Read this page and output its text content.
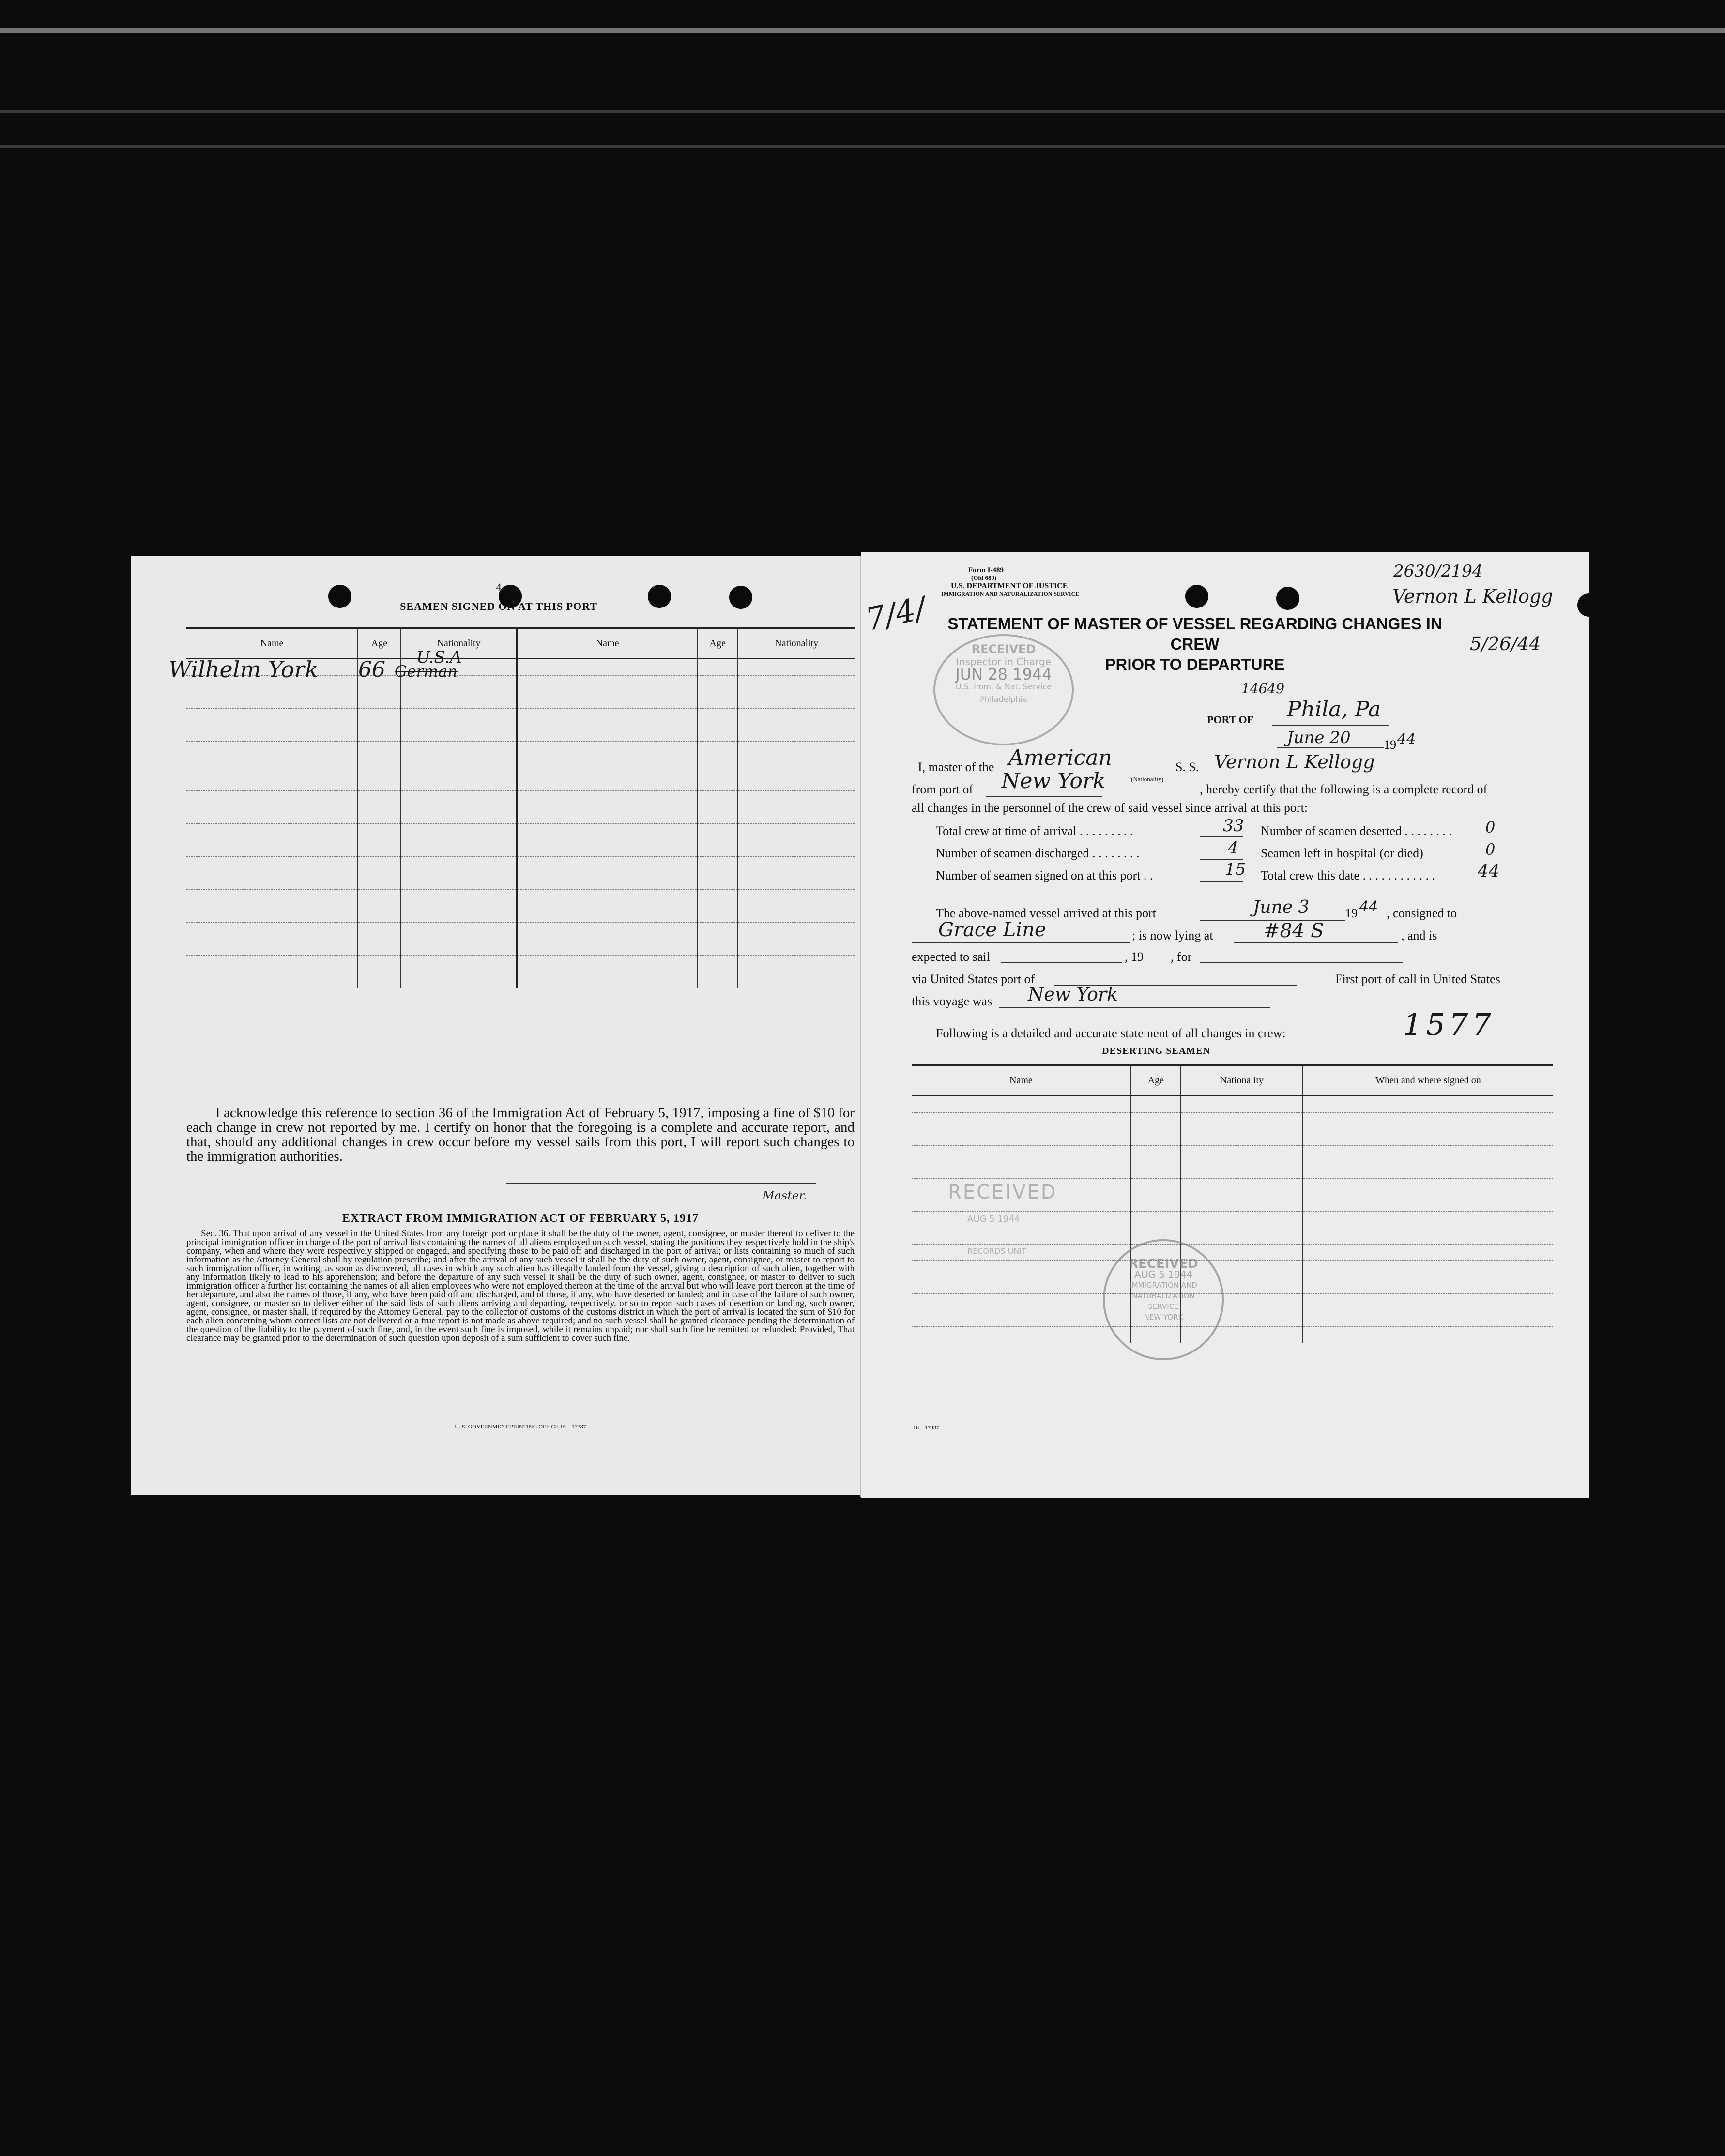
4
SEAMEN SIGNED ON AT THIS PORT
Name	Age	Nationality	Name	Age	Nationality

Wilhelm York 66 German
U.S.A
I acknowledge this reference to section 36 of the Immigration Act of February 5, 1917, imposing a fine of $10 for each change in crew not reported by me. I certify on honor that the foregoing is a complete and accurate report, and that, should any additional changes in crew occur before my vessel sails from this port, I will report such changes to the immigration authorities.
Master.
EXTRACT FROM IMMIGRATION ACT OF FEBRUARY 5, 1917
Sec. 36. That upon arrival of any vessel in the United States from any foreign port or place it shall be the duty of the owner, agent, consignee, or master thereof to deliver to the principal immigration officer in charge of the port of arrival lists containing the names of all aliens employed on such vessel, stating the positions they respectively hold in the ship's company, when and where they were respectively shipped or engaged, and specifying those to be paid off and discharged in the port of arrival; or lists containing so much of such information as the Attorney General shall by regulation prescribe; and after the arrival of any such vessel it shall be the duty of such owner, agent, consignee, or master to report to such immigration officer, in writing, as soon as discovered, all cases in which any such alien has illegally landed from the vessel, giving a description of such alien, together with any information likely to lead to his apprehension; and before the departure of any such vessel it shall be the duty of such owner, agent, consignee, or master to deliver to such immigration officer a further list containing the names of all alien employees who were not employed thereon at the time of the arrival but who will leave port thereon at the time of her departure, and also the names of those, if any, who have been paid off and discharged, and of those, if any, who have deserted or landed; and in case of the failure of such owner, agent, consignee, or master so to deliver either of the said lists of such aliens arriving and departing, respectively, or so to report such cases of desertion or landing, such owner, agent, consignee, or master shall, if required by the Attorney General, pay to the collector of customs of the customs district in which the port of arrival is located the sum of $10 for each alien concerning whom correct lists are not delivered or a true report is not made as above required; and no such vessel shall be granted clearance pending the determination of the question of the liability to the payment of such fine, and, in the event such fine is imposed, while it remains unpaid; nor shall such fine be remitted or refunded: Provided, That clearance may be granted prior to the determination of such question upon deposit of a sum sufficient to cover such fine.
U. S. GOVERNMENT PRINTING OFFICE 16—17387
Form I-489
(Old 680)
U.S. DEPARTMENT OF JUSTICE
IMMIGRATION AND NATURALIZATION SERVICE
7/4/
2630/2194
Vernon L Kellogg
5/26/44
STATEMENT OF MASTER OF VESSEL REGARDING CHANGES IN CREW
PRIOR TO DEPARTURE
RECEIVED
Inspector in Charge
JUN 28 1944
U.S. Imm. & Nat. Service
Philadelphia
14649
PORT OF Phila, Pa
June 20	19 44
I, master of the American
(Nationality)
S. S. Vernon L Kellogg
from port of New York	, hereby certify that the following is a complete record of
all changes in the personnel of the crew of said vessel since arrival at this port:
Total crew at time of arrival . . . . . . . . .	33
Number of seamen discharged . . . . . . . .	4
Number of seamen signed on at this port . .	15
Number of seamen deserted . . . . . . . . 0
Seamen left in hospital (or died)	0
Total crew this date . . . . . . . . . . . . 44
The above-named vessel arrived at this port	June 3	19 44 , consigned to
Grace Line	; is now lying at	#84 S	, and is
expected to sail	, 19 , for
via United States port of	First port of call in United States
this voyage was New York
Following is a detailed and accurate statement of all changes in crew:	1577
DESERTING SEAMEN
Name	Age	Nationality	When and where signed on

RECEIVED
AUG 5 1944
RECORDS UNIT
RECEIVED
AUG 5 1944
IMMIGRATION AND NATURALIZATION SERVICE
NEW YORK
16—17387
